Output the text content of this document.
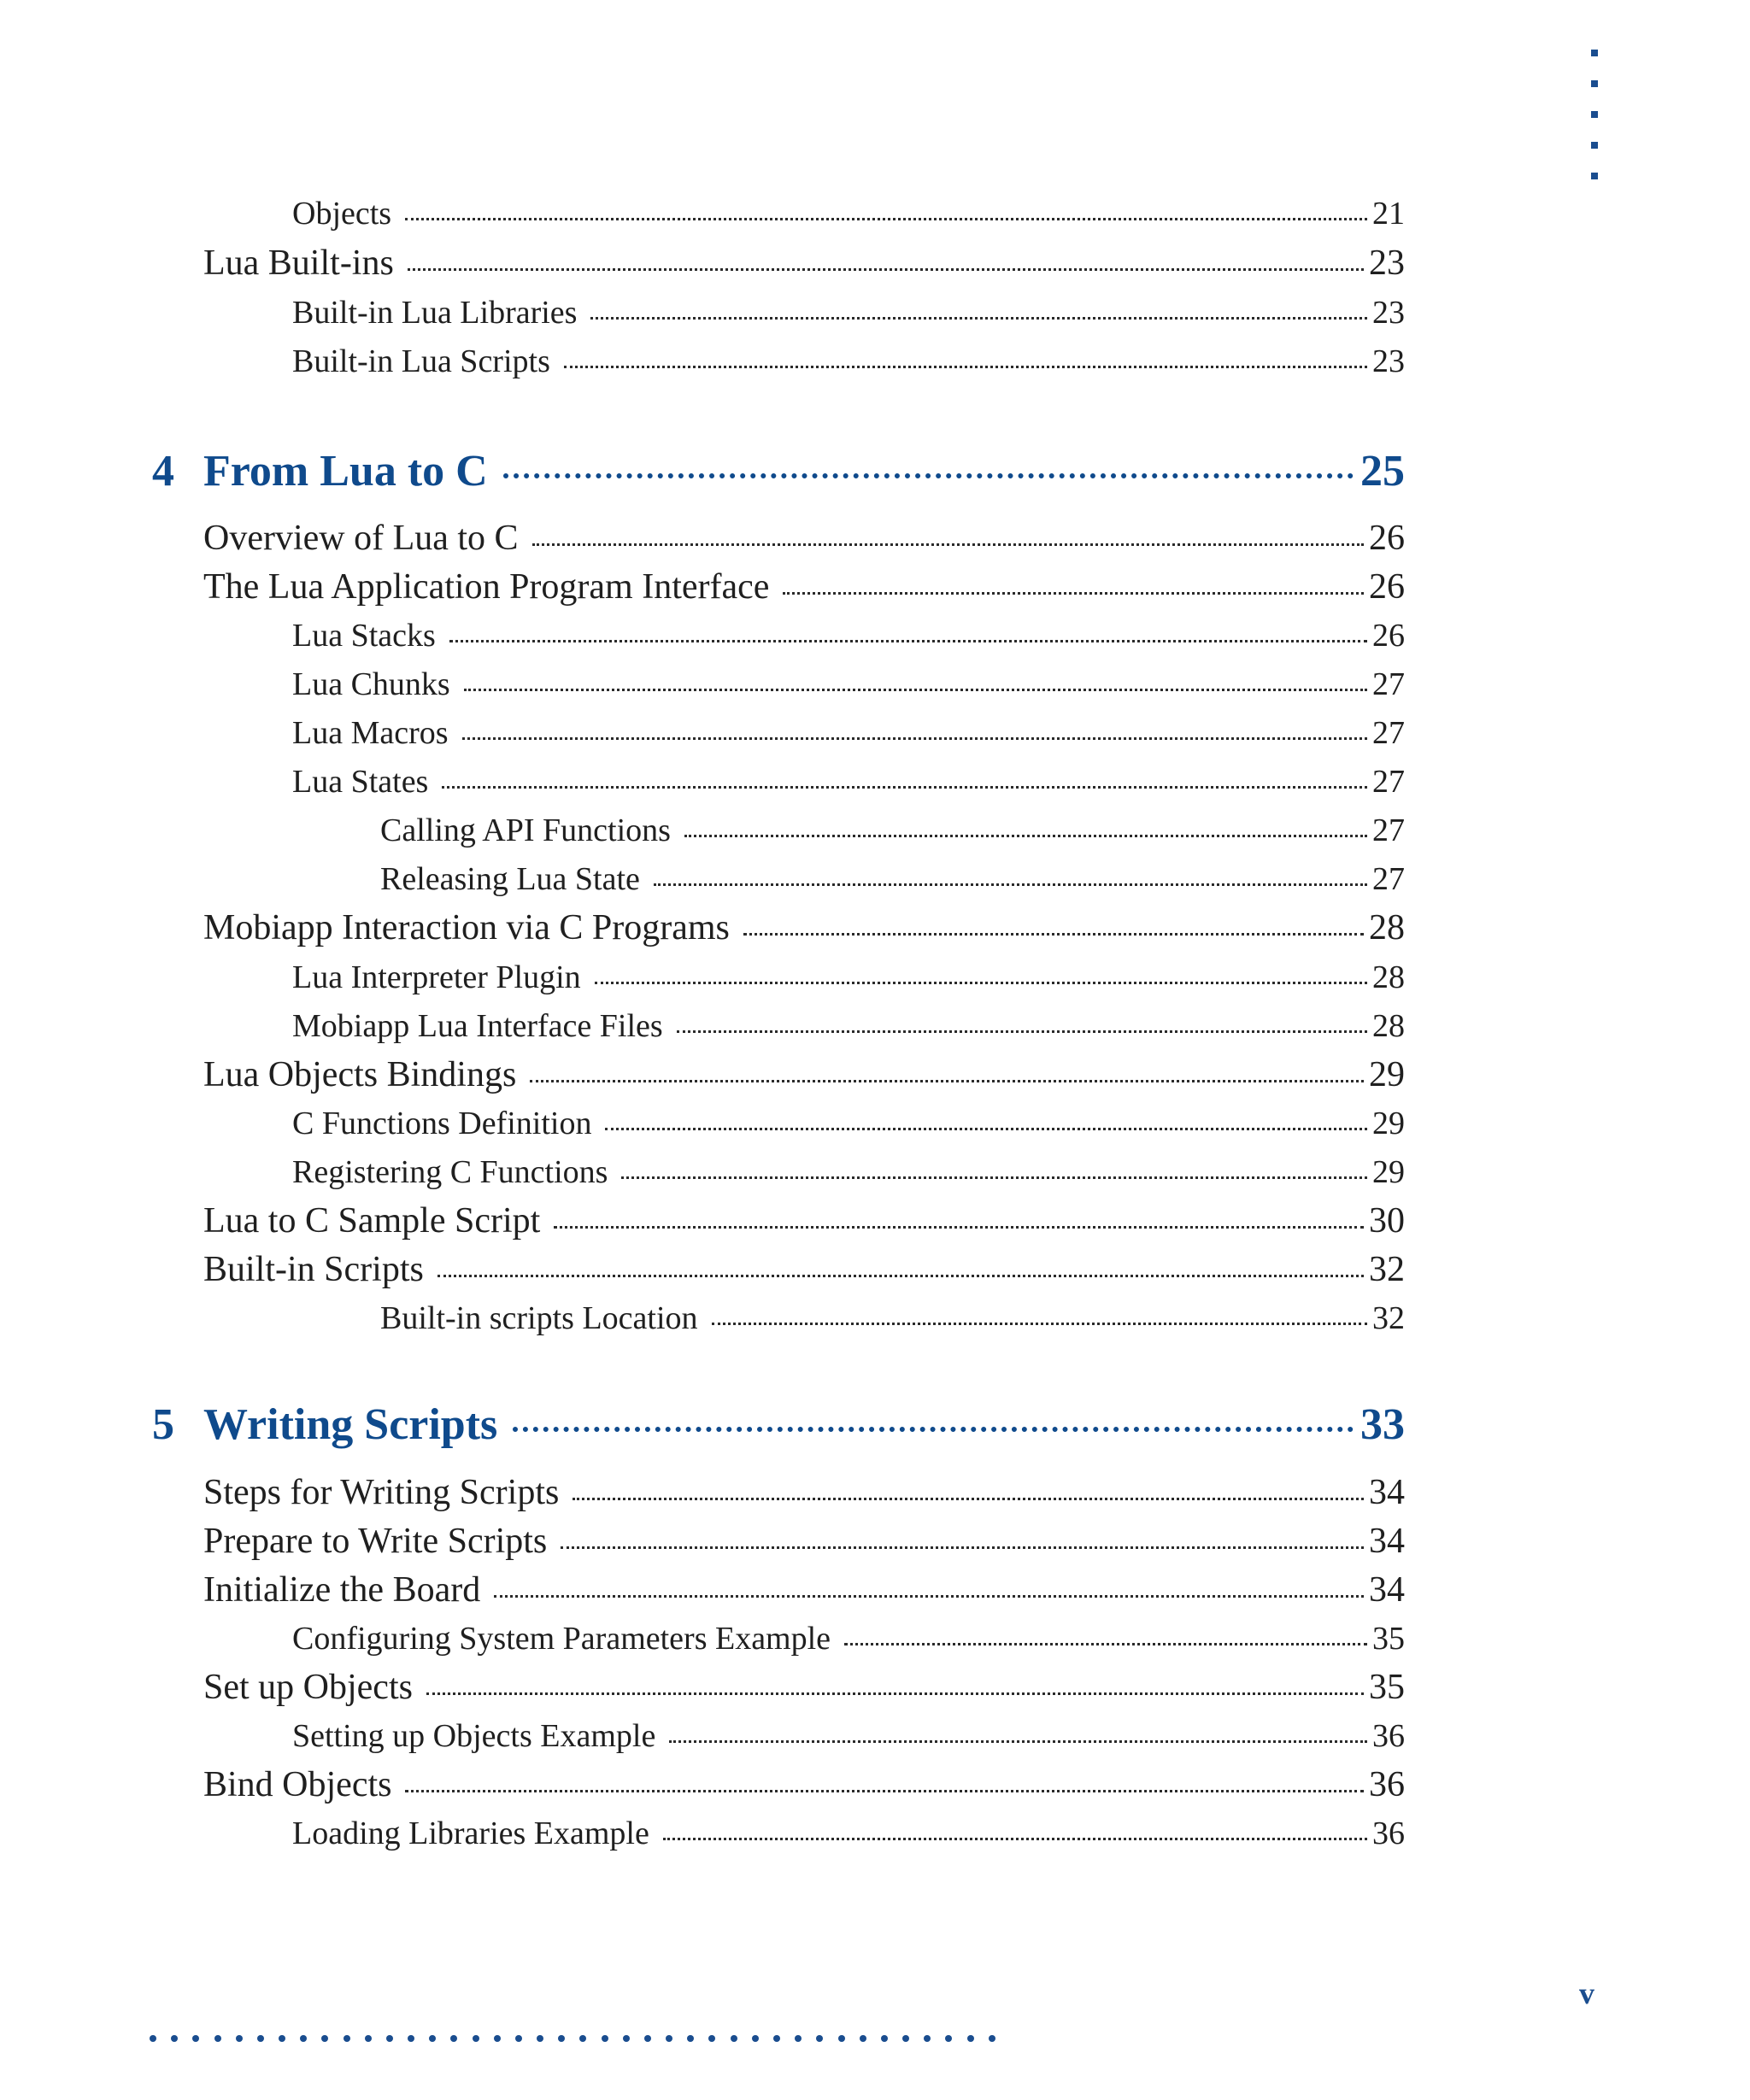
Objects	21
Lua Built-ins	23
Built-in Lua Libraries	23
Built-in Lua Scripts	23
4 From Lua to C	25
Overview of Lua to C	26
The Lua Application Program Interface	26
Lua Stacks	26
Lua Chunks	27
Lua Macros	27
Lua States	27
Calling API Functions	27
Releasing Lua State	27
Mobiapp Interaction via C Programs	28
Lua Interpreter Plugin	28
Mobiapp Lua Interface Files	28
Lua Objects Bindings	29
C Functions Definition	29
Registering C Functions	29
Lua to C Sample Script	30
Built-in Scripts	32
Built-in scripts Location	32
5 Writing Scripts	33
Steps for Writing Scripts	34
Prepare to Write Scripts	34
Initialize the Board	34
Configuring System Parameters Example	35
Set up Objects	35
Setting up Objects Example	36
Bind Objects	36
Loading Libraries Example	36
v
